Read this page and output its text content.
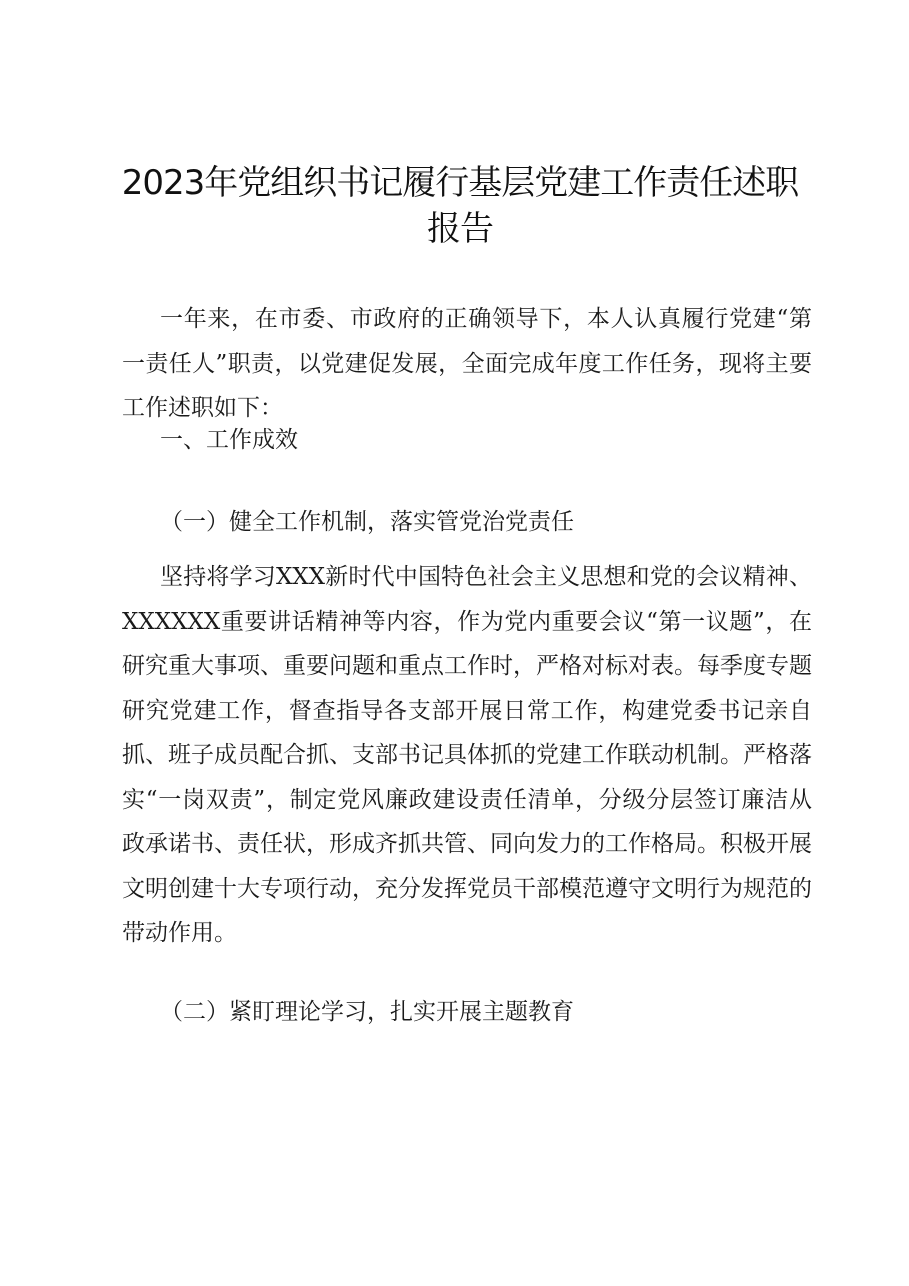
2023年党组织书记履行基层党建工作责任述职报告
一年来，在市委、市政府的正确领导下，本人认真履行党建“第一责任人”职责，以党建促发展，全面完成年度工作任务，现将主要工作述职如下：
一、工作成效
（一）健全工作机制，落实管党治党责任
坚持将学习XXX新时代中国特色社会主义思想和党的会议精神、XXXXXX重要讲话精神等内容，作为党内重要会议“第一议题”，在研究重大事项、重要问题和重点工作时，严格对标对表。每季度专题研究党建工作，督查指导各支部开展日常工作，构建党委书记亲自抓、班子成员配合抓、支部书记具体抓的党建工作联动机制。严格落实“一岗双责”，制定党风廉政建设责任清单，分级分层签订廉洁从政承诺书、责任状，形成齐抓共管、同向发力的工作格局。积极开展文明创建十大专项行动，充分发挥党员干部模范遵守文明行为规范的带动作用。
（二）紧盯理论学习，扎实开展主题教育
